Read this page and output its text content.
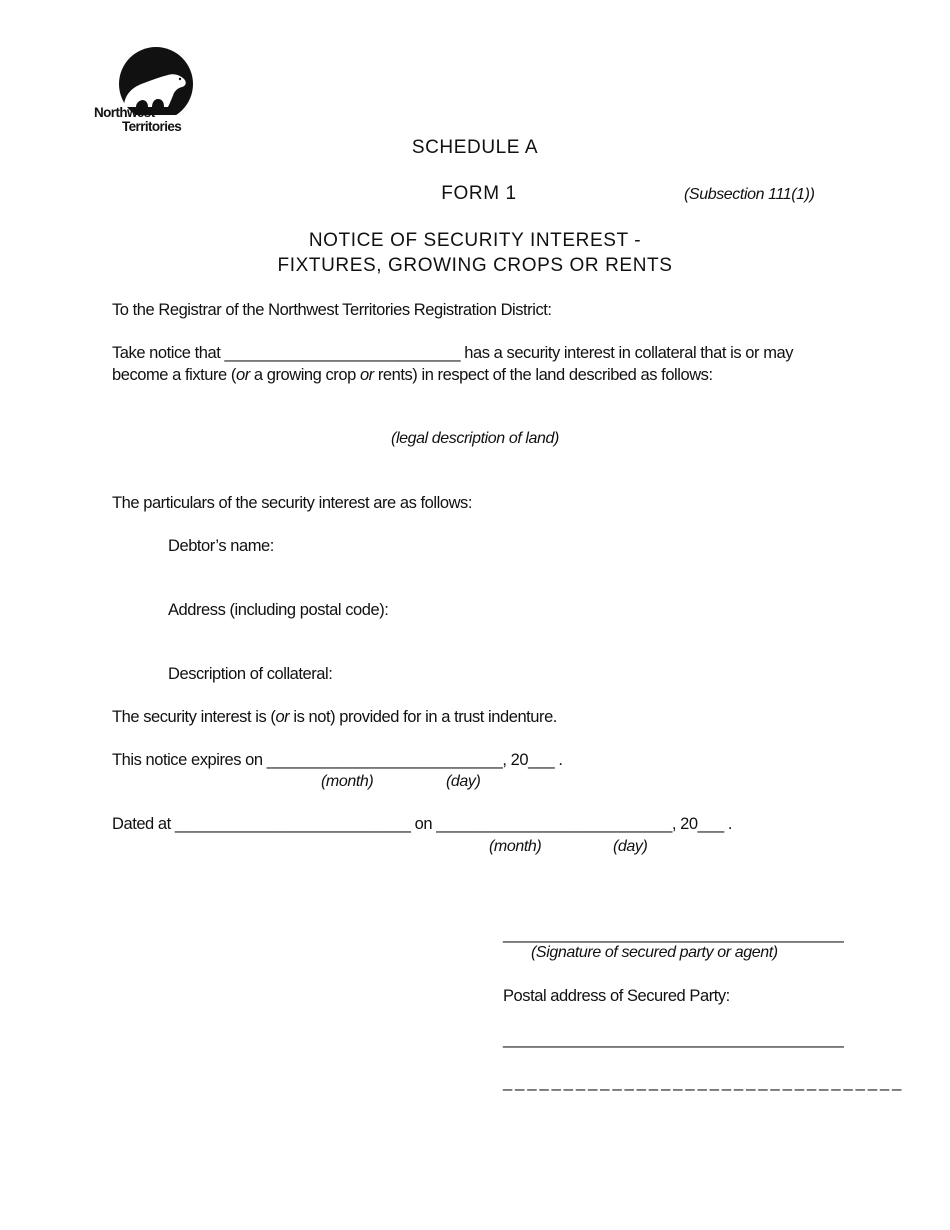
Northwest
Territories
SCHEDULE A
FORM 1	(Subsection 111(1))
NOTICE OF SECURITY INTEREST -
FIXTURES, GROWING CROPS OR RENTS
To the Registrar of the Northwest Territories Registration District:
Take notice that ___________________________ has a security interest in collateral that is or may
become a fixture (or a growing crop or rents) in respect of the land described as follows:
(legal description of land)
The particulars of the security interest are as follows:
Debtor’s name:
Address (including postal code):
Description of collateral:
The security interest is (or is not) provided for in a trust indenture.
This notice expires on ___________________________, 20___ .
(month)	(day)
Dated at ___________________________ on ___________________________, 20___ .
(month)	(day)
_______________________________________
(Signature of secured party or agent)
Postal address of Secured Party:
_______________________________________
_ _ _ _ _ _ _ _ _ _ _ _ _ _ _ _ _ _ _ _ _ _ _ _ _ _ _ _ _ _ _ _ _
